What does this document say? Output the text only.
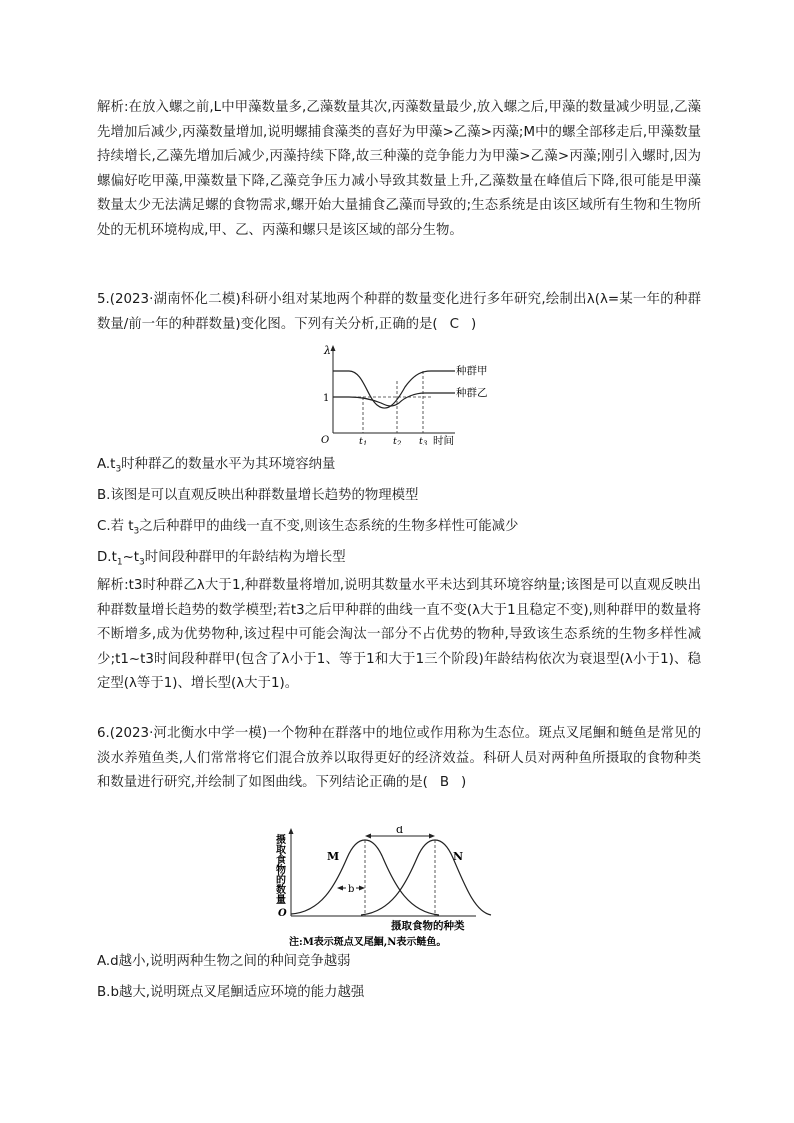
解析:在放入螺之前,L中甲藻数量多,乙藻数量其次,丙藻数量最少,放入螺之后,甲藻的数量减少明显,乙藻先增加后减少,丙藻数量增加,说明螺捕食藻类的喜好为甲藻>乙藻>丙藻;M中的螺全部移走后,甲藻数量持续增长,乙藻先增加后减少,丙藻持续下降,故三种藻的竞争能力为甲藻>乙藻>丙藻;刚引入螺时,因为螺偏好吃甲藻,甲藻数量下降,乙藻竞争压力减小导致其数量上升,乙藻数量在峰值后下降,很可能是甲藻数量太少无法满足螺的食物需求,螺开始大量捕食乙藻而导致的;生态系统是由该区域所有生物和生物所处的无机环境构成,甲、乙、丙藻和螺只是该区域的部分生物。

5.(2023·湖南怀化二模)科研小组对某地两个种群的数量变化进行多年研究,绘制出λ(λ=某一年的种群数量/前一年的种群数量)变化图。下列有关分析,正确的是( C )

λ
1
O
种群甲
种群乙
$t_1$	$t_2$ $t_3$ 时间
$A.t_3$时种群乙的数量水平为其环境容纳量
B.该图是可以直观反映出种群数量增长趋势的物理模型
C.若 $t_3$之后种群甲的曲线一直不变,则该生态系统的生物多样性可能减少
$D.t_1\sim t_3$时间段种群甲的年龄结构为增长型

解析:t3时种群乙λ大于1,种群数量将增加,说明其数量水平未达到其环境容纳量;该图是可以直观反映出种群数量增长趋势的数学模型;若t3之后甲种群的曲线一直不变(λ大于1且稳定不变),则种群甲的数量将不断增多,成为优势物种,该过程中可能会淘汰一部分不占优势的物种,导致该生态系统的生物多样性减少;t1~t3时间段种群甲(包含了λ小于1、等于1和大于1三个阶段)年龄结构依次为衰退型(λ小于1)、稳定型(λ等于1)、增长型(λ大于1)。

6.(2023·河北衡水中学一模)一个物种在群落中的地位或作用称为生态位。斑点叉尾鮰和鲢鱼是常见的淡水养殖鱼类,人们常常将它们混合放养以取得更好的经济效益。科研人员对两种鱼所摄取的食物种类和数量进行研究,并绘制了如图曲线。下列结论正确的是( B )

O
摄取食物的数量
d
b
M	N
摄取食物的种类
注:M表示斑点叉尾鮰,N表示鲢鱼。
A.d越小,说明两种生物之间的种间竞争越弱
B.b越大,说明斑点叉尾鮰适应环境的能力越强
